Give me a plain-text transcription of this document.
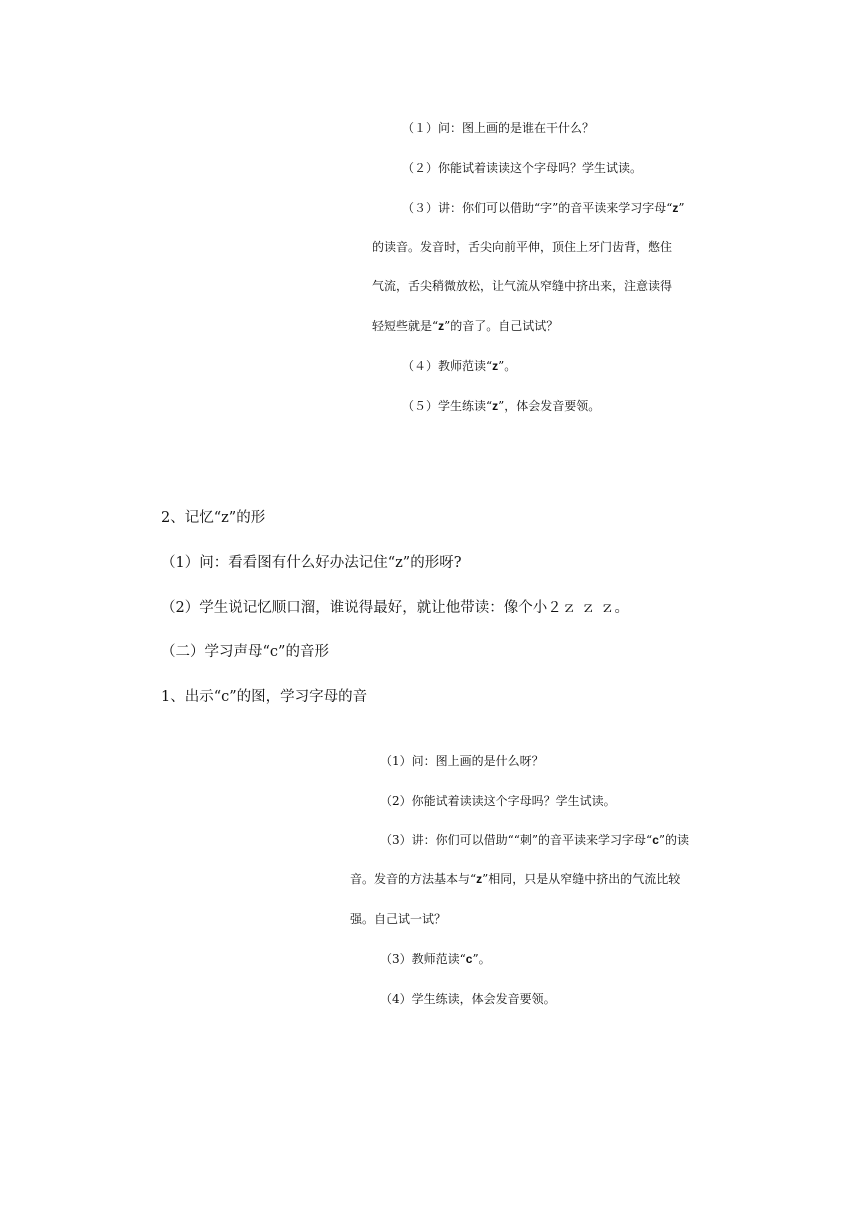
（１）问：图上画的是谁在干什么？
（２）你能试着读读这个字母吗？学生试读。
（３）讲：你们可以借助“字”的音平读来学习字母“z”
的读音。发音时，舌尖向前平伸，顶住上牙门齿背，憋住
气流，舌尖稍微放松，让气流从窄缝中挤出来，注意读得
轻短些就是“z”的音了。自己试试？
（４）教师范读“z”。
（５）学生练读“z”，体会发音要领。
2、记忆“z”的形
（1）问：看看图有什么好办法记住“z”的形呀?
（2）学生说记忆顺口溜，谁说得最好，就让他带读：像个小２ｚ ｚ ｚ。
（二）学习声母“c”的音形
1、出示“c”的图，学习字母的音
（1）问：图上画的是什么呀？
（2）你能试着读读这个字母吗？学生试读。
（3）讲：你们可以借助““刺”的音平读来学习字母“c”的读
音。发音的方法基本与“z”相同，只是从窄缝中挤出的气流比较
强。自己试一试？
（3）教师范读“c”。
（4）学生练读，体会发音要领。
